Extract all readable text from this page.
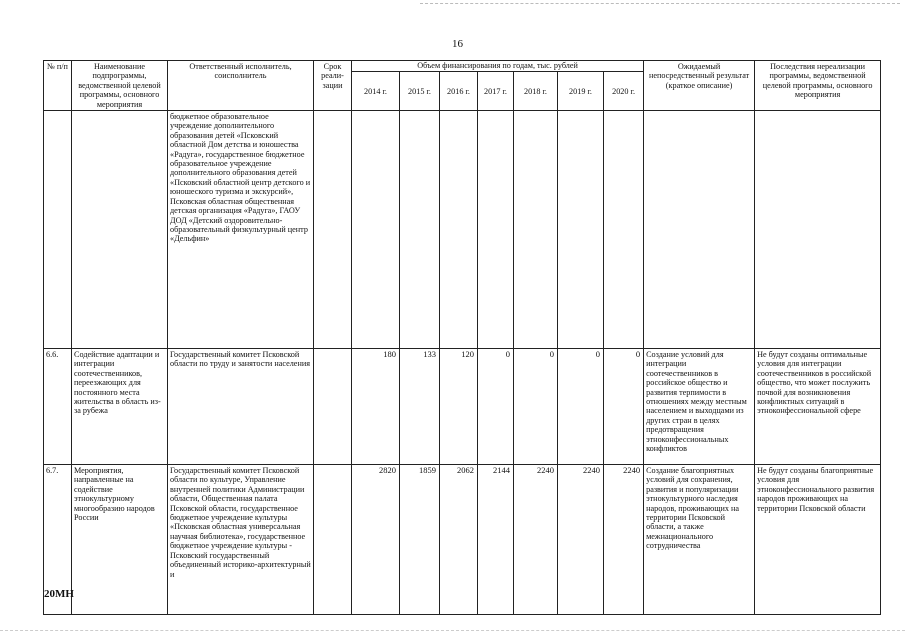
16
№ п/п	Наименование подпрограммы, ведомственной целевой программы, основного мероприятия	Ответственный исполнитель, соисполнитель	Срок реали-зации	Объем финансирования по годам, тыс. рублей							Ожидаемый непосредственный результат (краткое описание)	Последствия нереализации программы, ведомственной целевой программы, основного мероприятия
				2014 г.	2015 г.	2016 г.	2017 г.	2018 г.	2019 г.	2020 г.		
		бюджетное образовательное учреждение дополнительного образования детей «Псковский областной Дом детства и юношества «Радуга», государственное бюджетное образовательное учреждение дополнительного образования детей «Псковский областной центр детского и юношеского туризма и экскурсий», Псковская областная общественная детская организация «Радуга», ГАОУ ДОД «Детский оздоровительно-образовательный физкультурный центр «Дельфин»										
6.6.	Содействие адаптации и интеграции соотечественников, переезжающих для постоянного места жительства в область из-за рубежа	Государственный комитет Псковской области по труду и занятости населения		180	133	120	0	0	0	0	Создание условий для интеграции соотечественников в российское общество и развития терпимости в отношениях между местным населением и выходцами из других стран в целях предотвращения этноконфессиональных конфликтов	Не будут созданы оптимальные условия для интеграции соотечественников в российской общество, что может послужить почвой для возникновения конфликтных ситуаций в этноконфессиональной сфере
6.7.	Мероприятия, направленные на содействие этнокультурному многообразию народов России	Государственный комитет Псковской области по культуре, Управление внутренней политики Администрации области, Общественная палата Псковской области, государственное бюджетное учреждение культуры «Псковская областная универсальная научная библиотека», государственное бюджетное учреждение культуры - Псковский государственный объединенный историко-архитектурный и		2820	1859	2062	2144	2240	2240	2240	Создание благоприятных условий для сохранения, развития и популяризации этнокультурного наследия народов, проживающих на территории Псковской области, а также межнационального сотрудничества	Не будут созданы благоприятные условия для этноконфессионального развития народов проживающих на территории Псковской области
20МН
